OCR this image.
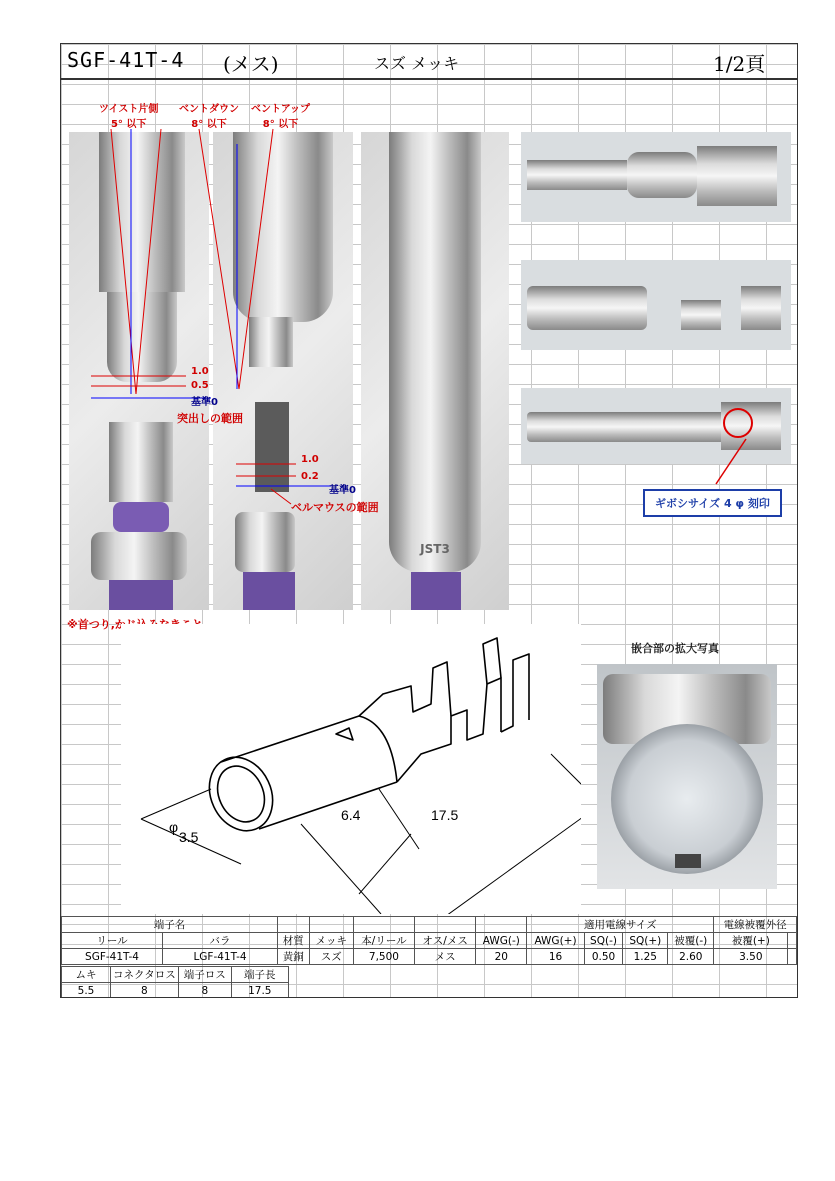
SGF-41T-4 (メス)	スズ メッキ	1/2頁
ツイスト片側
5° 以下
ベントダウン
8° 以下
ベントアップ
8° 以下
JST3
ギボシサイズ 4 φ 刻印
1.0
0.5
基準0
突出しの範囲
1.0
0.2
基準0
ベルマウスの範囲
※首つり,かじ込みなきこと
φ
3.5
6.4	17.5
嵌合部の拡大写真
端子名							適用電線サイズ				電線被覆外径	
リール	バラ	材質	メッキ	本/リール	オス/メス	AWG(-)	AWG(+)	SQ(-)	SQ(+)	被覆(-)	被覆(+)	
SGF-41T-4	LGF-41T-4	黄銅	スズ	7,500	メス	20	16	0.50	1.25	2.60	3.50	
ムキ	コネクタロス	端子ロス	端子長
5.5	8	8	17.5
